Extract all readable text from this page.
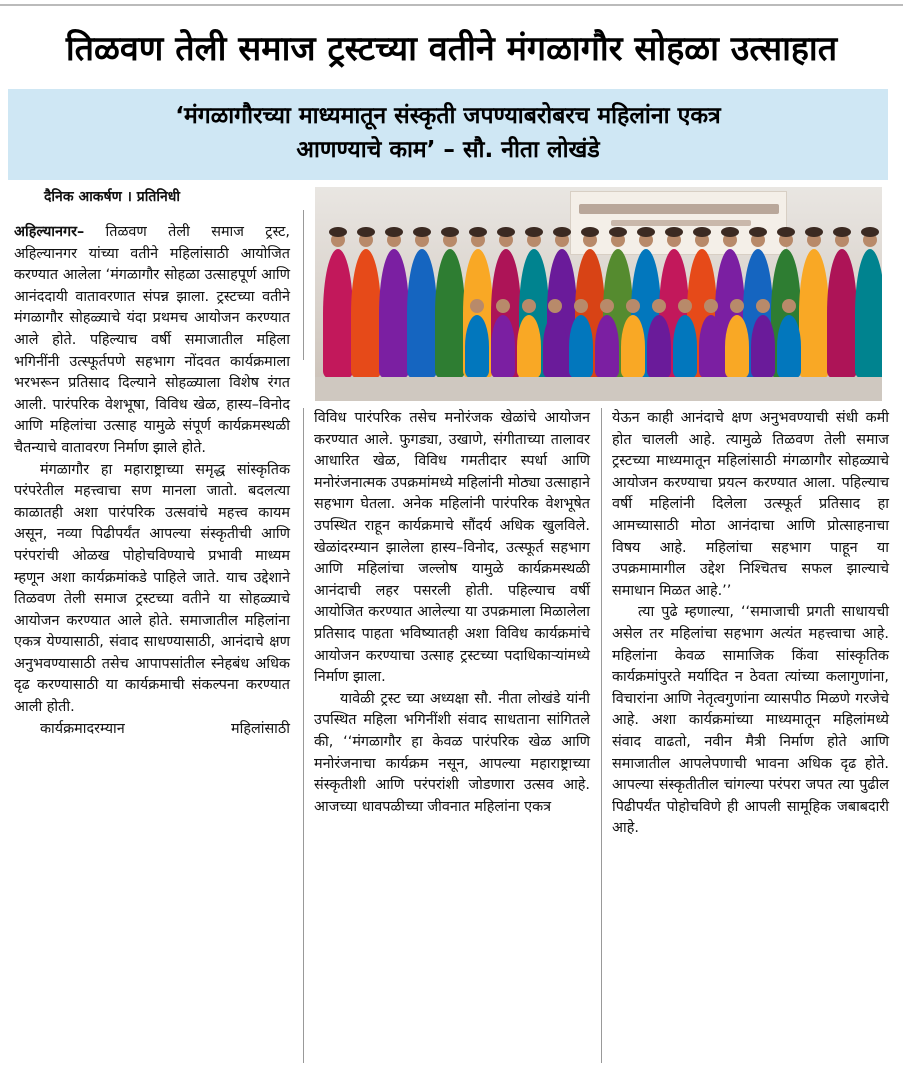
तिळवण तेली समाज ट्रस्टच्या वतीने मंगळागौर सोहळा उत्साहात
‘मंगळागौरच्या माध्यमातून संस्कृती जपण्याबरोबरच महिलांना एकत्र
आणण्याचे काम’ – सौ. नीता लोखंडे
दैनिक आकर्षण । प्रतिनिधी

अहिल्यानगर– तिळवण तेली समाज ट्रस्ट, अहिल्यानगर यांच्या वतीने महिलांसाठी आयोजित करण्यात आलेला ‘मंगळागौर सोहळा उत्साहपूर्ण आणि आनंददायी वातावरणात संपन्न झाला. ट्रस्टच्या वतीने मंगळागौर सोहळ्याचे यंदा प्रथमच आयोजन करण्यात आले होते. पहिल्याच वर्षी समाजातील महिला भगिनींनी उत्स्फूर्तपणे सहभाग नोंदवत कार्यक्रमाला भरभरून प्रतिसाद दिल्याने सोहळ्याला विशेष रंगत आली. पारंपरिक वेशभूषा, विविध खेळ, हास्य–विनोद आणि महिलांचा उत्साह यामुळे संपूर्ण कार्यक्रमस्थळी चैतन्याचे वातावरण निर्माण झाले होते.

मंगळागौर हा महाराष्ट्राच्या समृद्ध सांस्कृतिक परंपरेतील महत्त्वाचा सण मानला जातो. बदलत्या काळातही अशा पारंपरिक उत्सवांचे महत्त्व कायम असून, नव्या पिढीपर्यंत आपल्या संस्कृतीची आणि परंपरांची ओळख पोहोचविण्याचे प्रभावी माध्यम म्हणून अशा कार्यक्रमांकडे पाहिले जाते. याच उद्देशाने तिळवण तेली समाज ट्रस्टच्या वतीने या सोहळ्याचे आयोजन करण्यात आले होते. समाजातील महिलांना एकत्र येण्यासाठी, संवाद साधण्यासाठी, आनंदाचे क्षण अनुभवण्यासाठी तसेच आपापसांतील स्नेहबंध अधिक दृढ करण्यासाठी या कार्यक्रमाची संकल्पना करण्यात आली होती.

कार्यक्रमादरम्यान महिलांसाठी

विविध पारंपरिक तसेच मनोरंजक खेळांचे आयोजन करण्यात आले. फुगड्या, उखाणे, संगीताच्या तालावर आधारित खेळ, विविध गमतीदार स्पर्धा आणि मनोरंजनात्मक उपक्रमांमध्ये महिलांनी मोठ्या उत्साहाने सहभाग घेतला. अनेक महिलांनी पारंपरिक वेशभूषेत उपस्थित राहून कार्यक्रमाचे सौंदर्य अधिक खुलविले. खेळांदरम्यान झालेला हास्य–विनोद, उत्स्फूर्त सहभाग आणि महिलांचा जल्लोष यामुळे कार्यक्रमस्थळी आनंदाची लहर पसरली होती. पहिल्याच वर्षी आयोजित करण्यात आलेल्या या उपक्रमाला मिळालेला प्रतिसाद पाहता भविष्यातही अशा विविध कार्यक्रमांचे आयोजन करण्याचा उत्साह ट्रस्टच्या पदाधिकाऱ्यांमध्ये निर्माण झाला.

यावेळी ट्रस्ट च्या अध्यक्षा सौ. नीता लोखंडे यांनी उपस्थित महिला भगिनींशी संवाद साधताना सांगितले की, ‘‘मंगळागौर हा केवळ पारंपरिक खेळ आणि मनोरंजनाचा कार्यक्रम नसून, आपल्या महाराष्ट्राच्या संस्कृतीशी आणि परंपरांशी जोडणारा उत्सव आहे. आजच्या धावपळीच्या जीवनात महिलांना एकत्र

येऊन काही आनंदाचे क्षण अनुभवण्याची संधी कमी होत चालली आहे. त्यामुळे तिळवण तेली समाज ट्रस्टच्या माध्यमातून महिलांसाठी मंगळागौर सोहळ्याचे आयोजन करण्याचा प्रयत्न करण्यात आला. पहिल्याच वर्षी महिलांनी दिलेला उत्स्फूर्त प्रतिसाद हा आमच्यासाठी मोठा आनंदाचा आणि प्रोत्साहनाचा विषय आहे. महिलांचा सहभाग पाहून या उपक्रमामागील उद्देश निश्चितच सफल झाल्याचे समाधान मिळत आहे.’’

त्या पुढे म्हणाल्या, ‘‘समाजाची प्रगती साधायची असेल तर महिलांचा सहभाग अत्यंत महत्त्वाचा आहे. महिलांना केवळ सामाजिक किंवा सांस्कृतिक कार्यक्रमांपुरते मर्यादित न ठेवता त्यांच्या कलागुणांना, विचारांना आणि नेतृत्वगुणांना व्यासपीठ मिळणे गरजेचे आहे. अशा कार्यक्रमांच्या माध्यमातून महिलांमध्ये संवाद वाढतो, नवीन मैत्री निर्माण होते आणि समाजातील आपलेपणाची भावना अधिक दृढ होते. आपल्या संस्कृतीतील चांगल्या परंपरा जपत त्या पुढील पिढीपर्यंत पोहोचविणे ही आपली सामूहिक जबाबदारी आहे.
